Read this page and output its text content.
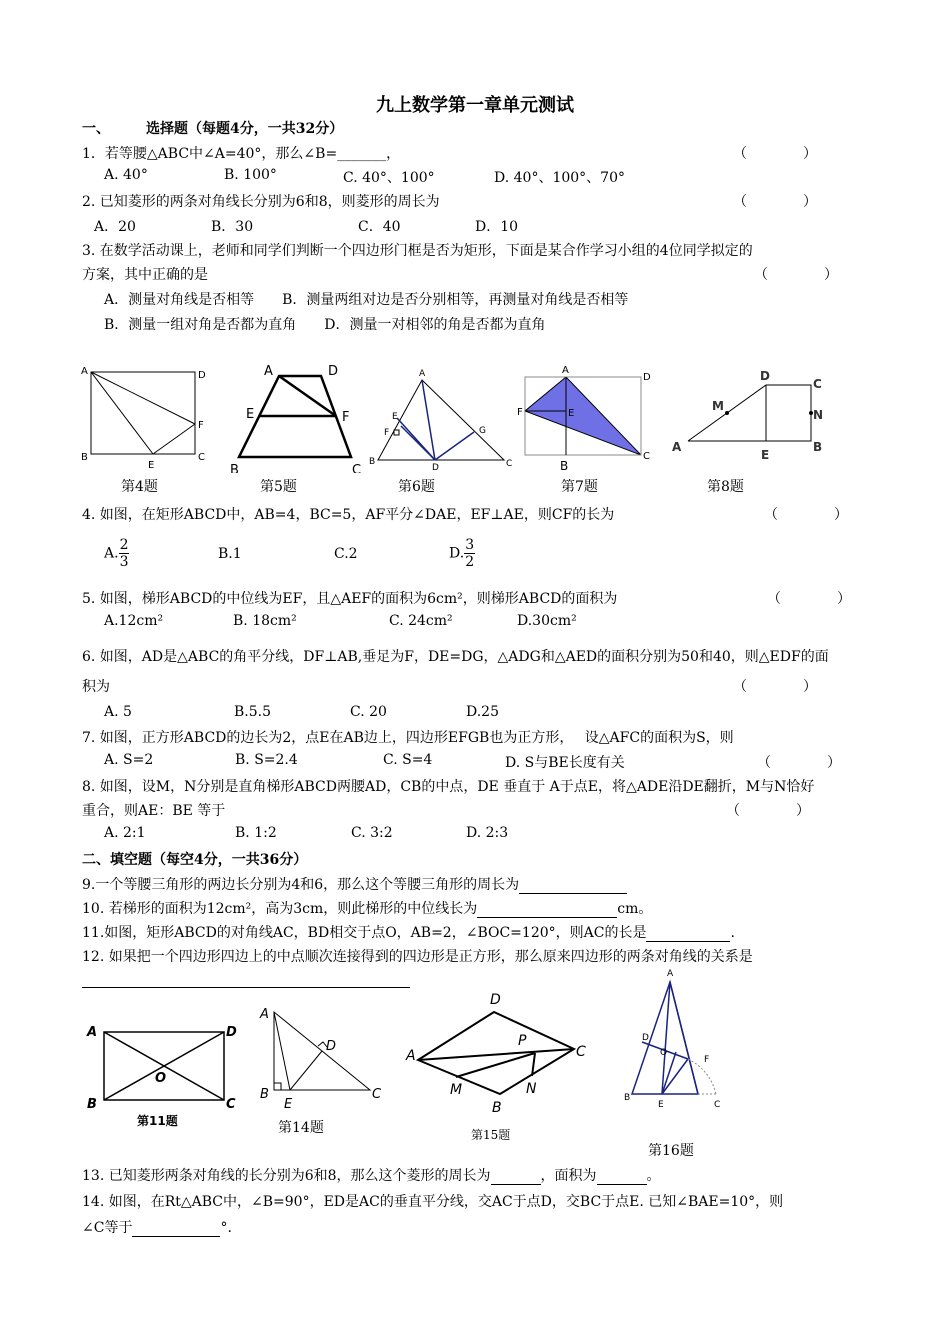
九上数学第一章单元测试
一、	选择题（每题4分，一共32分）
1．若等腰△ABC中∠A=40°，那么∠B=_______，	（　　　　）
A. 40°	B. 100°	C. 40°、100°	D. 40°、100°、70°
2. 已知菱形的两条对角线长分别为6和8，则菱形的周长为	（　　　　）
A．20	B．30	C．40	D．10
3. 在数学活动课上，老师和同学们判断一个四边形门框是否为矩形，下面是某合作学习小组的4位同学拟定的
方案，其中正确的是	（　　　　）
A．测量对角线是否相等　　B．测量两组对边是否分别相等，再测量对角线是否相等
B．测量一组对角是否都为直角　　D．测量一对相邻的角是否都为直角
A	D
F
B
E
C
A	D
E	F
B	C
A
E
F	G
B
D	C
A
D
F	E
B
C
D
C
M
N
A
E
B
第4题	第5题	第6题	第7题	第8题
4. 如图，在矩形ABCD中，AB=4，BC=5，AF平分∠DAE，EF⊥AE，则CF的长为	（　　　　）
A. $\frac{2}{3}$	B.1	C.2	D. $\frac{3}{2}$
5. 如图，梯形ABCD的中位线为EF，且△AEF的面积为6cm²，则梯形ABCD的面积为	（　　　　）
A.12cm²	B. 18cm²	C. 24cm²	D.30cm²
6. 如图，AD是△ABC的角平分线，DF⊥AB,垂足为F，DE=DG，△ADG和△AED的面积分别为50和40，则△EDF的面
积为	（　　　　）
A. 5	B.5.5	C. 20	D.25
7. 如图，正方形ABCD的边长为2，点E在AB边上，四边形EFGB也为正方形，　 设△AFC的面积为S，则
A. S=2	B. S=2.4	C. S=4	D. S与BE长度有关	（　　　　）
8. 如图，设M，N分别是直角梯形ABCD两腰AD，CB的中点，DE 垂直于 A于点E，将△ADE沿DE翻折，M与N恰好
重合，则AE：BE 等于	（　　　　）
A. 2:1	B. 1:2	C. 3:2	D. 2:3
二、填空题（每空4分，一共36分）
9.一个等腰三角形的两边长分别为4和6，那么这个等腰三角形的周长为
10. 若梯形的面积为12cm²，高为3cm，则此梯形的中位线长为	cm。
11.如图，矩形ABCD的对角线AC，BD相交于点O，AB=2，∠BOC=120°，则AC的长是	.
12. 如果把一个四边形四边上的中点顺次连接得到的四边形是正方形，那么原来四边形的两条对角线的关系是
A	D
O
B	C
A
D
B
E
C
D
A	C
P
M	N
B
A
D
O
F
B
E	C
第11题	第14题	第15题
第16题
13. 已知菱形两条对角线的长分别为6和8，那么这个菱形的周长为	，面积为	。
14. 如图，在Rt△ABC中，∠B=90°，ED是AC的垂直平分线，交AC于点D，交BC于点E. 已知∠BAE=10°，则
∠C等于	°.
